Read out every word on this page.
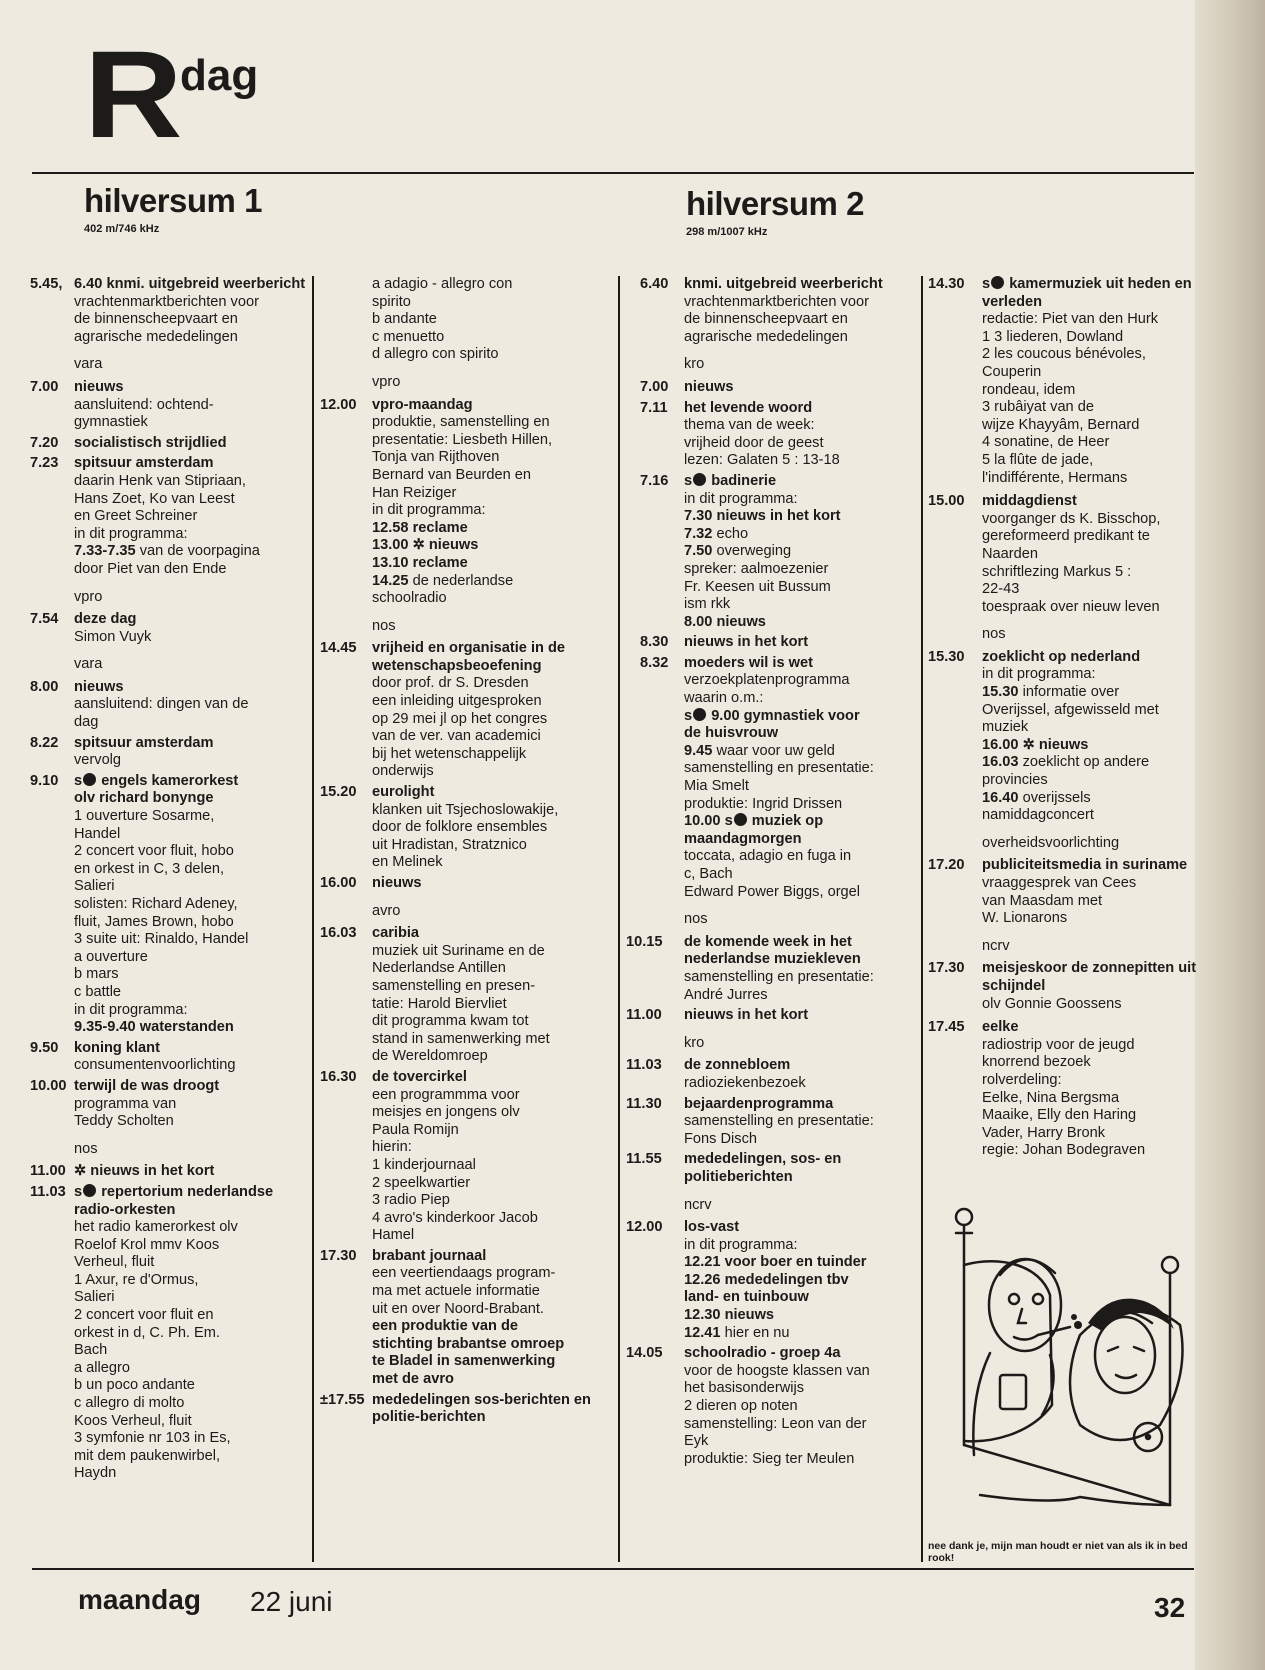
R dag
hilversum 1
402 m/746 kHz
hilversum 2
298 m/1007 kHz
5.45, 6.40 knmi. uitgebreid weerbericht
vrachtenmarktberichten voor
de binnenscheepvaart en
agrarische mededelingen
vara
7.00	nieuws
aansluitend: ochtend-
gymnastiek
7.20	socialistisch strijdlied
7.23	spitsuur amsterdam
daarin Henk van Stipriaan,
Hans Zoet, Ko van Leest
en Greet Schreiner
in dit programma:
7.33-7.35 van de voorpagina
door Piet van den Ende
vpro
7.54	deze dag
Simon Vuyk
vara
8.00	nieuws
aansluitend: dingen van de
dag
8.22	spitsuur amsterdam
vervolg
9.10	s engels kamerorkest
olv richard bonynge
1 ouverture Sosarme,
Handel
2 concert voor fluit, hobo
en orkest in C, 3 delen,
Salieri
solisten: Richard Adeney,
fluit, James Brown, hobo
3 suite uit: Rinaldo, Handel
a ouverture
b mars
c battle
in dit programma:
9.35-9.40 waterstanden
9.50	koning klant
consumentenvoorlichting
10.00 terwijl de was droogt
programma van
Teddy Scholten
nos
11.00 ✲ nieuws in het kort
11.03 s repertorium nederlandse
radio-orkesten
het radio kamerorkest olv
Roelof Krol mmv Koos
Verheul, fluit
1 Axur, re d'Ormus,
Salieri
2 concert voor fluit en
orkest in d, C. Ph. Em.
Bach
a allegro
b un poco andante
c allegro di molto
Koos Verheul, fluit
3 symfonie nr 103 in Es,
mit dem paukenwirbel,
Haydn
a adagio - allegro con
spirito
b andante
c menuetto
d allegro con spirito
vpro
12.00	vpro-maandag
produktie, samenstelling en
presentatie: Liesbeth Hillen,
Tonja van Rijthoven
Bernard van Beurden en
Han Reiziger
in dit programma:
12.58 reclame
13.00 ✲ nieuws
13.10 reclame
14.25 de nederlandse
schoolradio
nos
14.45	vrijheid en organisatie in de wetenschapsbeoefening
door prof. dr S. Dresden
een inleiding uitgesproken
op 29 mei jl op het congres
van de ver. van academici
bij het wetenschappelijk
onderwijs
15.20	eurolight
klanken uit Tsjechoslowakije,
door de folklore ensembles
uit Hradistan, Stratznico
en Melinek
16.00	nieuws
avro
16.03	caribia
muziek uit Suriname en de
Nederlandse Antillen
samenstelling en presen-
tatie: Harold Biervliet
dit programma kwam tot
stand in samenwerking met
de Wereldomroep
16.30	de tovercirkel
een programmma voor
meisjes en jongens olv
Paula Romijn
hierin:
1 kinderjournaal
2 speelkwartier
3 radio Piep
4 avro's kinderkoor Jacob
Hamel
17.30	brabant journaal
een veertiendaags program-
ma met actuele informatie
uit en over Noord-Brabant.
een produktie van de
stichting brabantse omroep
te Bladel in samenwerking
met de avro
±17.55 mededelingen sos-berichten en politie-berichten
6.40	knmi. uitgebreid weerbericht
vrachtenmarktberichten voor
de binnenscheepvaart en
agrarische mededelingen
kro
7.00	nieuws
7.11	het levende woord
thema van de week:
vrijheid door de geest
lezen: Galaten 5 : 13-18
7.16	s badinerie
in dit programma:
7.30 nieuws in het kort
7.32 echo
7.50 overweging
spreker: aalmoezenier
Fr. Keesen uit Bussum
ism rkk
8.00 nieuws
8.30	nieuws in het kort
8.32	moeders wil is wet
verzoekplatenprogramma
waarin o.m.:
s 9.00 gymnastiek voor
de huisvrouw
9.45 waar voor uw geld
samenstelling en presentatie:
Mia Smelt
produktie: Ingrid Drissen
10.00 s muziek op
maandagmorgen
toccata, adagio en fuga in
c, Bach
Edward Power Biggs, orgel
nos
10.15	de komende week in het nederlandse muziekleven
samenstelling en presentatie:
André Jurres
11.00	nieuws in het kort
kro
11.03	de zonnebloem
radioziekenbezoek
11.30	bejaardenprogramma
samenstelling en presentatie:
Fons Disch
11.55	mededelingen, sos- en politieberichten
ncrv
12.00	los-vast
in dit programma:
12.21 voor boer en tuinder
12.26 mededelingen tbv
land- en tuinbouw
12.30 nieuws
12.41 hier en nu
14.05	schoolradio - groep 4a
voor de hoogste klassen van
het basisonderwijs
2 dieren op noten
samenstelling: Leon van der
Eyk
produktie: Sieg ter Meulen
14.30	s kamermuziek uit heden en verleden
redactie: Piet van den Hurk
1 3 liederen, Dowland
2 les coucous bénévoles,
Couperin
rondeau, idem
3 rubâiyat van de
wijze Khayyâm, Bernard
4 sonatine, de Heer
5 la flûte de jade,
l'indifférente, Hermans
15.00	middagdienst
voorganger ds K. Bisschop,
gereformeerd predikant te
Naarden
schriftlezing Markus 5 :
22-43
toespraak over nieuw leven
nos
15.30	zoeklicht op nederland
in dit programma:
15.30 informatie over
Overijssel, afgewisseld met
muziek
16.00 ✲ nieuws
16.03 zoeklicht op andere
provincies
16.40 overijssels
namiddagconcert
overheidsvoorlichting
17.20	publiciteitsmedia in suriname
vraaggesprek van Cees
van Maasdam met
W. Lionarons
ncrv
17.30	meisjeskoor de zonnepitten uit schijndel
olv Gonnie Goossens
17.45	eelke
radiostrip voor de jeugd
knorrend bezoek
rolverdeling:
Eelke, Nina Bergsma
Maaike, Elly den Haring
Vader, Harry Bronk
regie: Johan Bodegraven
nee dank je, mijn man houdt er niet van als ik in bed rook!
maandag 22 juni	32
